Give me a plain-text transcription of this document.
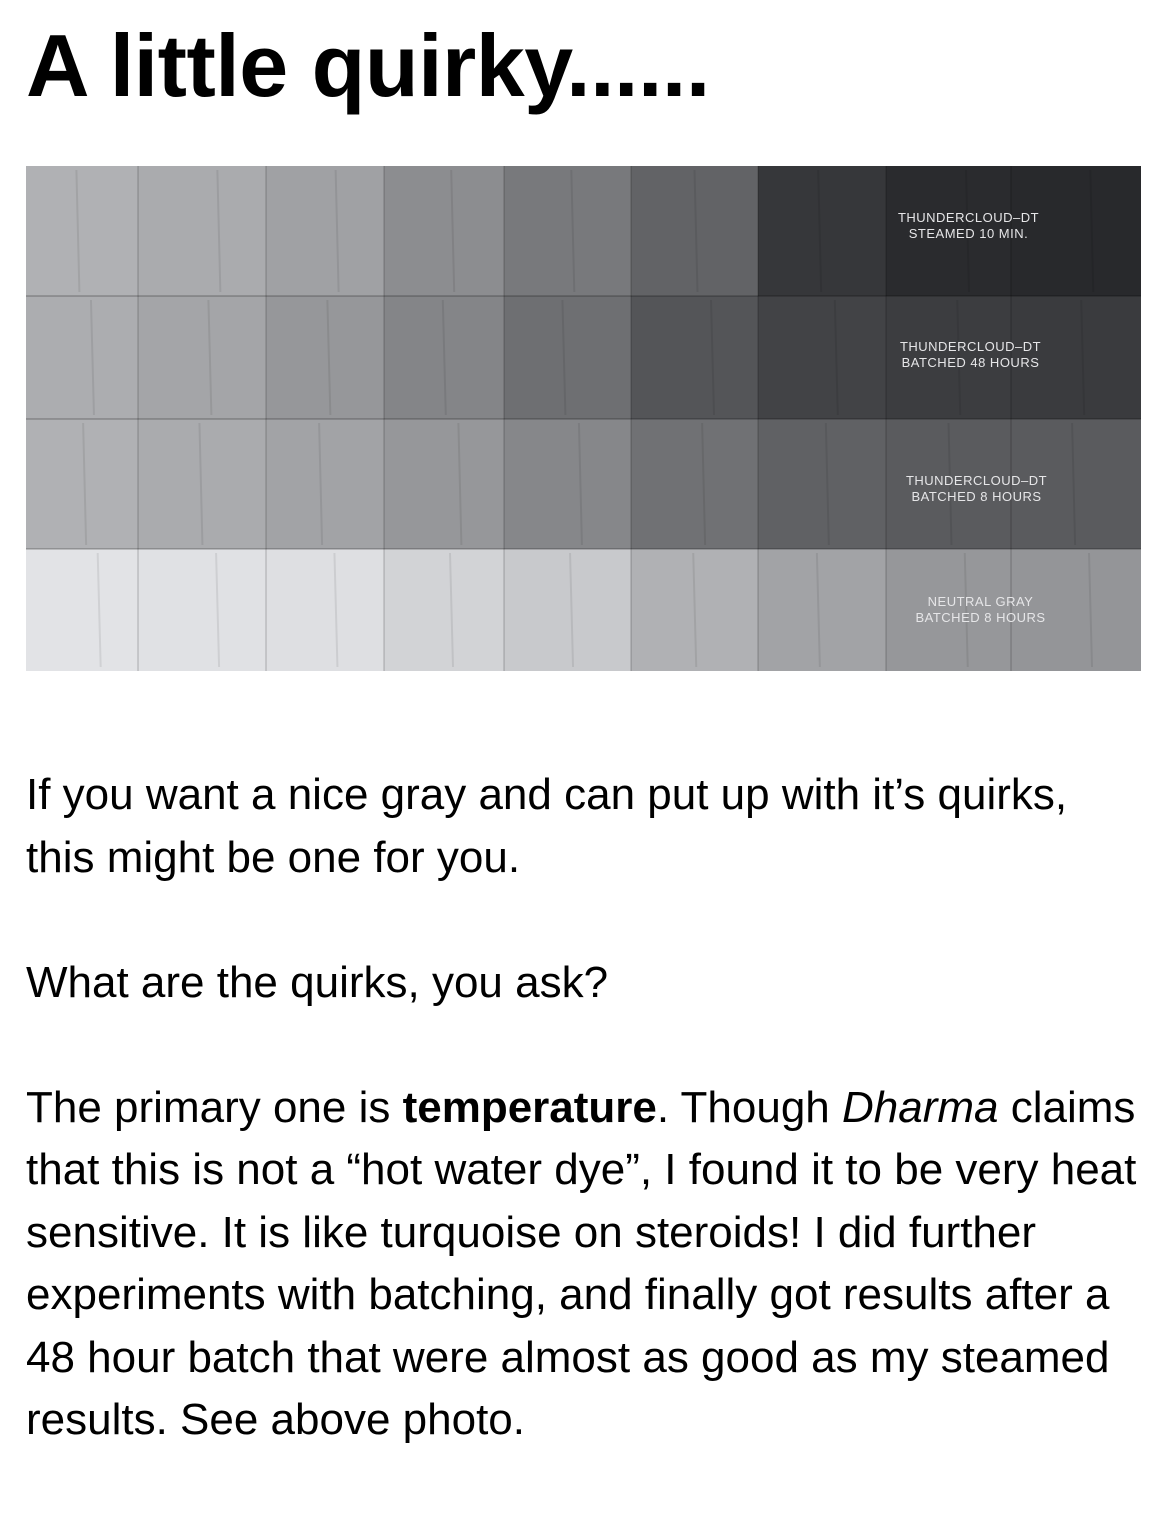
A little quirky......
THUNDERCLOUD–DT
STEAMED 10 MIN.
THUNDERCLOUD–DT
BATCHED 48 HOURS
THUNDERCLOUD–DT
BATCHED 8 HOURS
NEUTRAL GRAY
BATCHED 8 HOURS

If you want a nice gray and can put up with it’s quirks, this might be one for you.

What are the quirks, you ask?

The primary one is temperature. Though Dharma claims that this is not a “hot water dye”, I found it to be very heat sensitive. It is like turquoise on steroids! I did further experiments with batching, and finally got results after a 48 hour batch that were almost as good as my steamed results. See above photo.
